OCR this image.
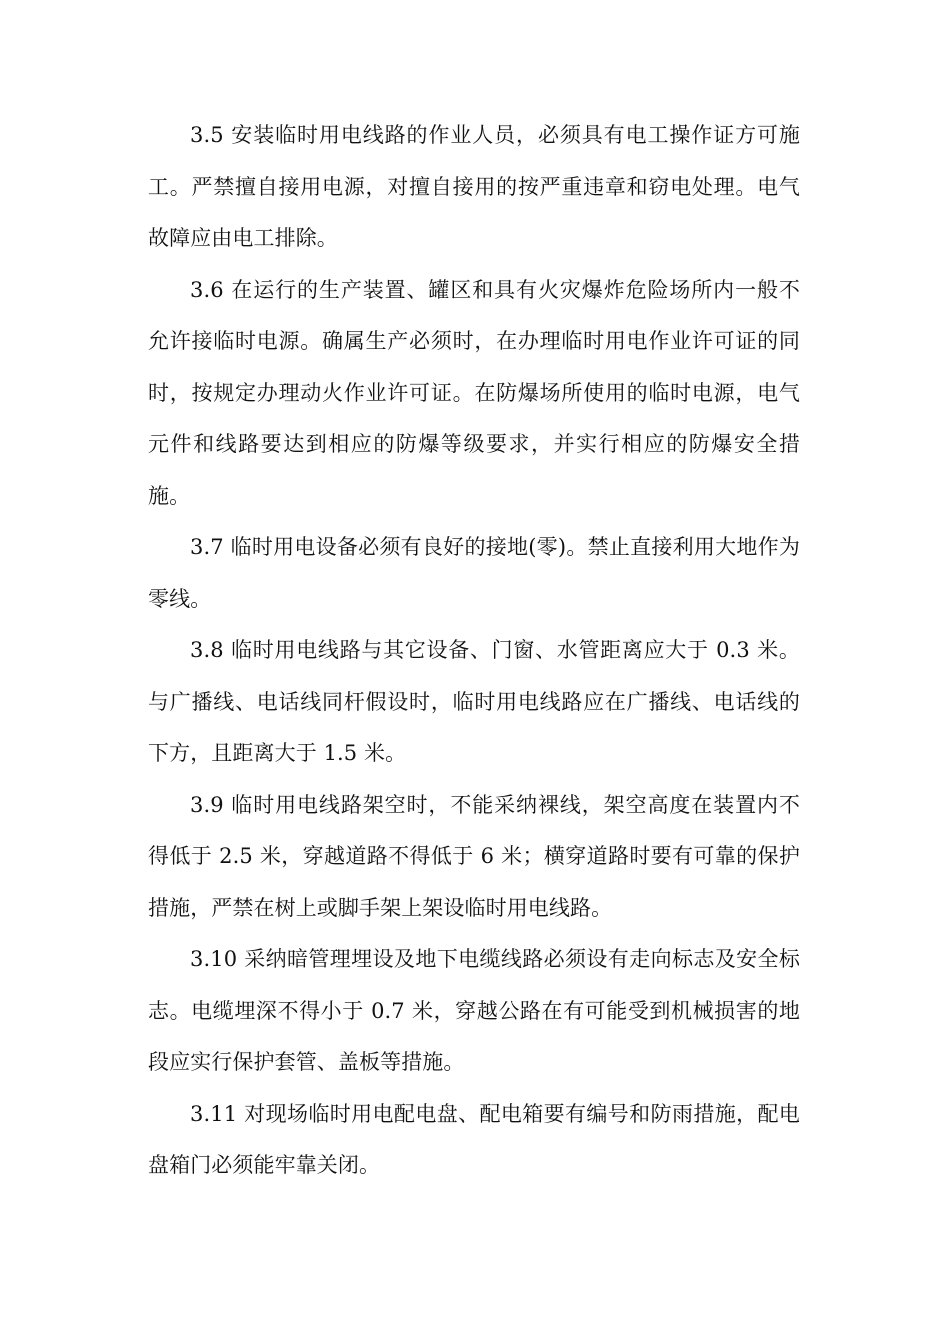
3.5 安装临时用电线路的作业人员，必须具有电工操作证方可施工。严禁擅自接用电源，对擅自接用的按严重违章和窃电处理。电气故障应由电工排除。

3.6 在运行的生产装置、罐区和具有火灾爆炸危险场所内一般不允许接临时电源。确属生产必须时，在办理临时用电作业许可证的同时，按规定办理动火作业许可证。在防爆场所使用的临时电源，电气元件和线路要达到相应的防爆等级要求，并实行相应的防爆安全措施。

3.7 临时用电设备必须有良好的接地(零)。禁止直接利用大地作为零线。

3.8 临时用电线路与其它设备、门窗、水管距离应大于 0.3 米。与广播线、电话线同杆假设时，临时用电线路应在广播线、电话线的下方，且距离大于 1.5 米。

3.9 临时用电线路架空时，不能采纳裸线，架空高度在装置内不得低于 2.5 米，穿越道路不得低于 6 米；横穿道路时要有可靠的保护措施，严禁在树上或脚手架上架设临时用电线路。

3.10 采纳暗管理埋设及地下电缆线路必须设有走向标志及安全标志。电缆埋深不得小于 0.7 米，穿越公路在有可能受到机械损害的地段应实行保护套管、盖板等措施。

3.11 对现场临时用电配电盘、配电箱要有编号和防雨措施，配电盘箱门必须能牢靠关闭。
